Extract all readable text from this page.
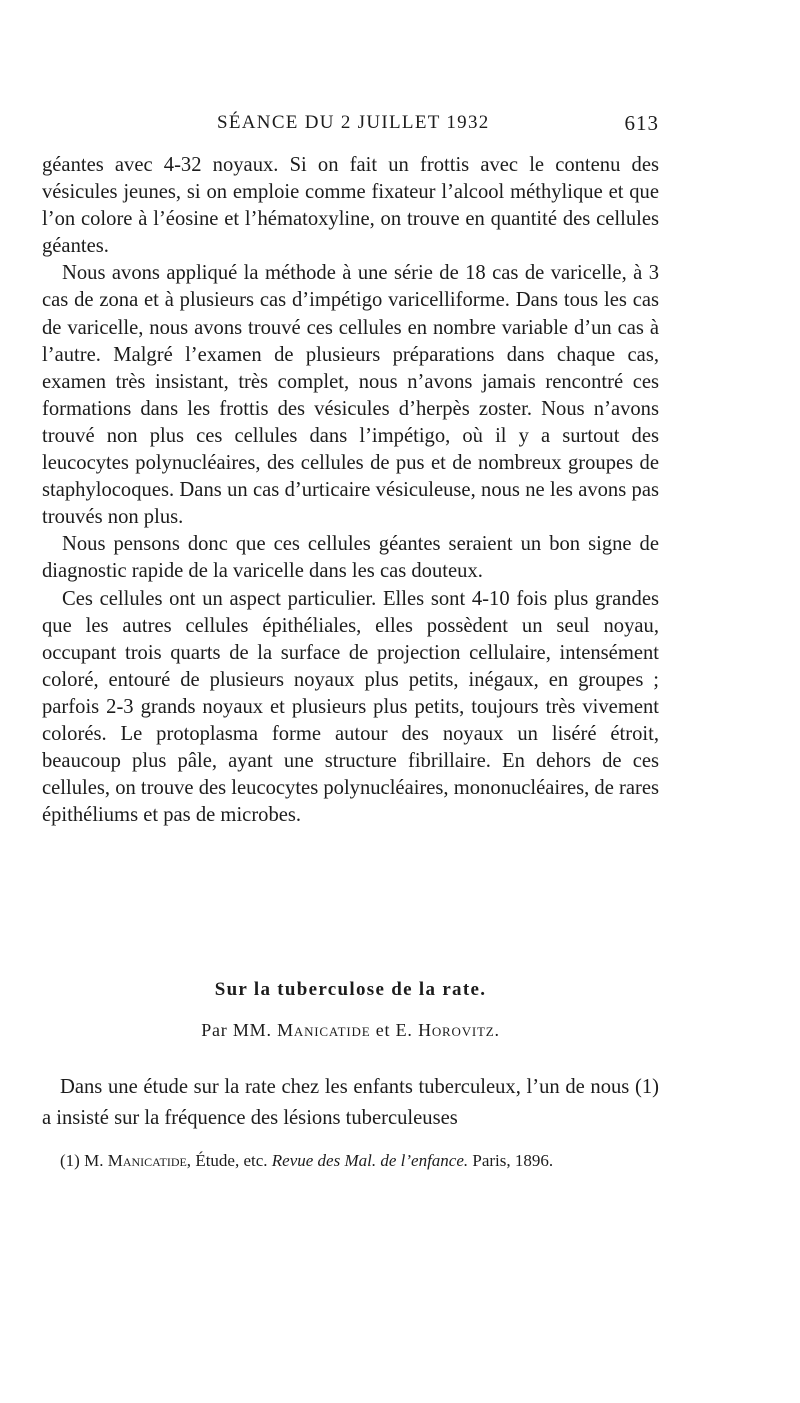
SÉANCE DU 2 JUILLET 1932	613

géantes avec 4-32 noyaux. Si on fait un frottis avec le contenu des vésicules jeunes, si on emploie comme fixateur l’alcool méthylique et que l’on colore à l’éosine et l’hématoxyline, on trouve en quantité des cellules géantes.

Nous avons appliqué la méthode à une série de 18 cas de varicelle, à 3 cas de zona et à plusieurs cas d’impétigo varicelliforme. Dans tous les cas de varicelle, nous avons trouvé ces cellules en nombre variable d’un cas à l’autre. Malgré l’examen de plusieurs préparations dans chaque cas, examen très insistant, très complet, nous n’avons jamais rencontré ces formations dans les frottis des vésicules d’herpès zoster. Nous n’avons trouvé non plus ces cellules dans l’impétigo, où il y a surtout des leucocytes polynucléaires, des cellules de pus et de nombreux groupes de staphylocoques. Dans un cas d’urticaire vésiculeuse, nous ne les avons pas trouvés non plus.

Nous pensons donc que ces cellules géantes seraient un bon signe de diagnostic rapide de la varicelle dans les cas douteux.

Ces cellules ont un aspect particulier. Elles sont 4-10 fois plus grandes que les autres cellules épithéliales, elles possèdent un seul noyau, occupant trois quarts de la surface de projection cellulaire, intensément coloré, entouré de plusieurs noyaux plus petits, inégaux, en groupes ; parfois 2-3 grands noyaux et plusieurs plus petits, toujours très vivement colorés. Le protoplasma forme autour des noyaux un liséré étroit, beaucoup plus pâle, ayant une structure fibrillaire. En dehors de ces cellules, on trouve des leucocytes polynucléaires, mononucléaires, de rares épithéliums et pas de microbes.

Sur la tuberculose de la rate.
Par MM. Manicatide et E. Horovitz.

Dans une étude sur la rate chez les enfants tuberculeux, l’un de nous (1) a insisté sur la fréquence des lésions tuberculeuses

(1) M. Manicatide, Étude, etc. Revue des Mal. de l’enfance. Paris, 1896.
